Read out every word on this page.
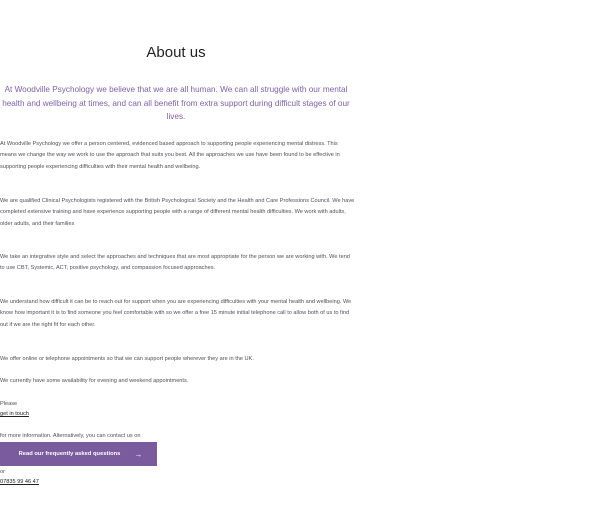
About us
At Woodville Psychology we believe that we are all human. We can all struggle with our mental health and wellbeing at times, and can all benefit from extra support during difficult stages of our lives.
At Woodville Psychology we offer a person centered, evidenced based approach to supporting people experiencing mental distress. This means we change the way we work to use the approach that suits you best. All the approaches we use have been found to be effective in supporting people experiencing difficulties with their mental health and wellbeing.
We are qualified Clinical Psychologists registered with the British Psychological Society and the Health and Care Professions Council. We have completed extensive training and have experience supporting people with a range of different mental health difficulties. We work with adults, older adults, and their families
We take an integrative style and select the approaches and techniques that are most appropriate for the person we are working with. We tend to use CBT, Systemic, ACT, positive psychology, and compassion focused approaches.
We understand how difficult it can be to reach out for support when you are experiencing difficulties with your mental health and wellbeing. We know how important it is to find someone you feel comfortable with so we offer a free 15 minute initial telephone call to allow both of us to find out if we are the right fit for each other.
We offer online or telephone appointments so that we can support people wherever they are in the UK.
We currently have some availability for evening and weekend appointments.
Please
get in touch
for more information. Alternatively, you can contact us on
Read our frequently asked questions →
or
07835 99 46 47
